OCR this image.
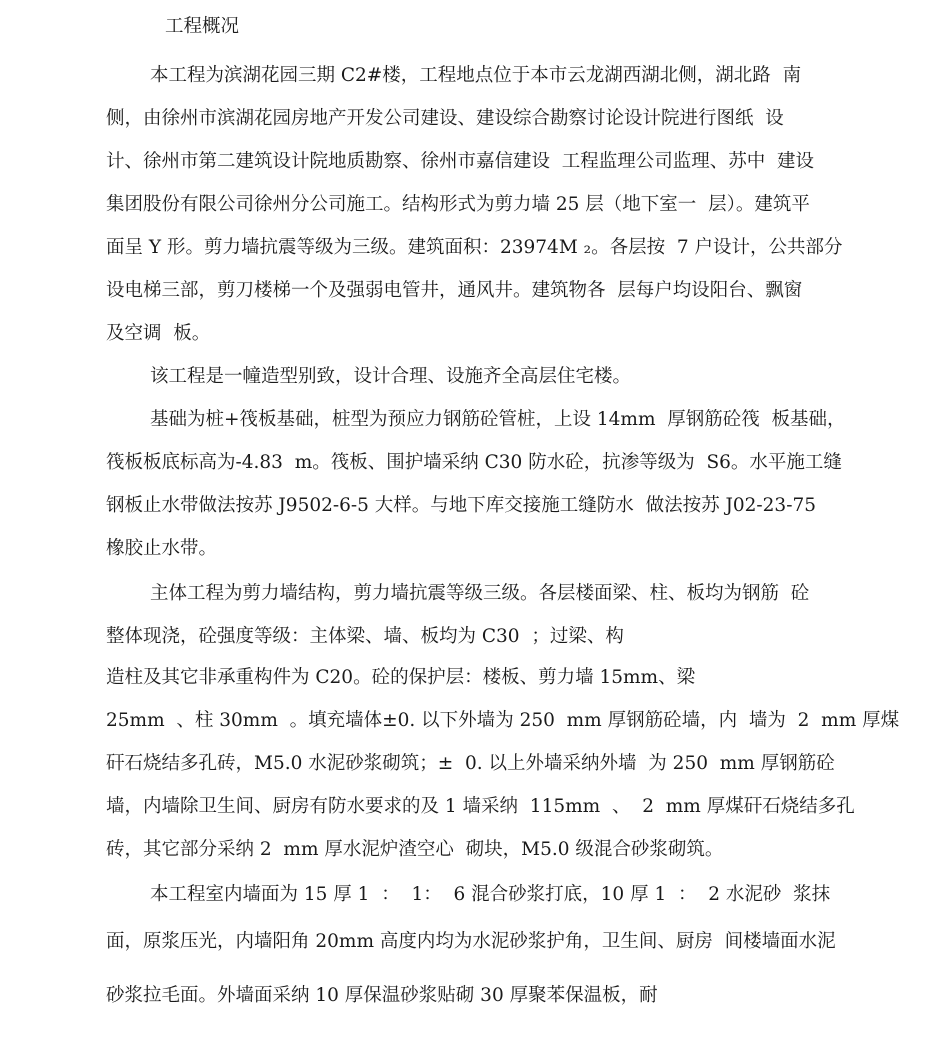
工程概况
本工程为滨湖花园三期 C2#楼，工程地点位于本市云龙湖西湖北侧，湖北路  南
侧，由徐州市滨湖花园房地产开发公司建设、建设综合勘察讨论设计院进行图纸  设
计、徐州市第二建筑设计院地质勘察、徐州市嘉信建设  工程监理公司监理、苏中  建设
集团股份有限公司徐州分公司施工。结构形式为剪力墙 25 层（地下室一  层）。建筑平
面呈 Y 形。剪力墙抗震等级为三级。建筑面积：23974M ₂。各层按  7 户设计，公共部分
设电梯三部，剪刀楼梯一个及强弱电管井，通风井。建筑物各  层每户均设阳台、飘窗
及空调  板。
该工程是一幢造型别致，设计合理、设施齐全高层住宅楼。
基础为桩+筏板基础，桩型为预应力钢筋砼管桩，上设 14mm  厚钢筋砼筏  板基础，
筏板板底标高为-4.83  m。筏板、围护墙采纳 C30 防水砼，抗渗等级为  S6。水平施工缝
钢板止水带做法按苏 J9502-6-5 大样。与地下库交接施工缝防水  做法按苏 J02-23-75
橡胶止水带。
主体工程为剪力墙结构，剪力墙抗震等级三级。各层楼面梁、柱、板均为钢筋  砼
整体现浇，砼强度等级：主体梁、墙、板均为 C30  ；过梁、构
造柱及其它非承重构件为 C20。砼的保护层：楼板、剪力墙 15mm、梁
25mm  、柱 30mm  。填充墙体±0. 以下外墙为 250  mm 厚钢筋砼墙，内  墙为  2  mm 厚煤
矸石烧结多孔砖，M5.0 水泥砂浆砌筑；±  0. 以上外墙采纳外墙  为 250  mm 厚钢筋砼
墙，内墙除卫生间、厨房有防水要求的及 1 墙采纳  115mm  、  2  mm 厚煤矸石烧结多孔
砖，其它部分采纳 2  mm 厚水泥炉渣空心  砌块，M5.0 级混合砂浆砌筑。
本工程室内墙面为 15 厚 1  ：  1：  6 混合砂浆打底，10 厚 1  ：  2 水泥砂  浆抹
面，原浆压光，内墙阳角 20mm 高度内均为水泥砂浆护角，卫生间、厨房  间楼墙面水泥
砂浆拉毛面。外墙面采纳 10 厚保温砂浆贴砌 30 厚聚苯保温板，耐
